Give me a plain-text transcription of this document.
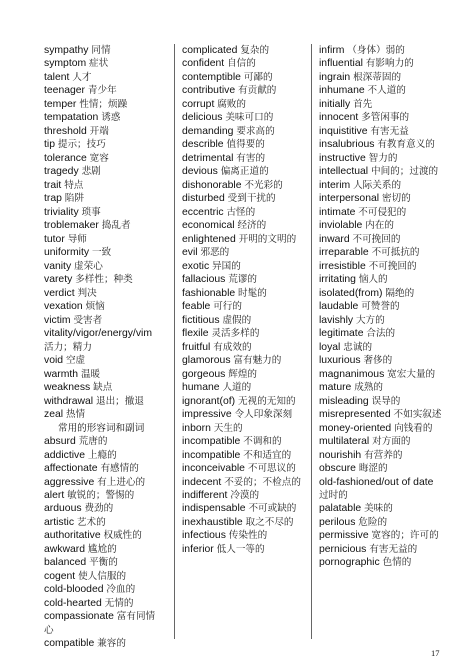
sympathy 同情
symptom 症状
talent 人才
teenager 青少年
temper 性情；烦躁
tempatation 诱惑
threshold 开端
tip 提示；技巧
tolerance 宽容
tragedy 悲剧
trait 特点
trap 陷阱
triviality 琐事
troblemaker 捣乱者
tutor 导师
uniformity 一致
vanity 虚荣心
varety 多样性；种类
verdict 判决
vexation 烦恼
victim 受害者
vitality/vigor/energy/vim 活力；精力
void 空虚
warmth 温暖
weakness 缺点
withdrawal 退出；撤退
zeal 热情
常用的形容词和副词
absurd 荒唐的
addictive 上瘾的
affectionate 有感情的
aggressive 有上进心的
alert 敏锐的；警惕的
arduous 费劲的
artistic 艺术的
authoritative 权威性的
awkward 尴尬的
balanced 平衡的
cogent 使人信服的
cold-blooded 冷血的
cold-hearted 无情的
compassionate 富有同情心
compatible 兼容的
complicated 复杂的
confident 自信的
contemptible 可鄙的
contributive 有贡献的
corrupt 腐败的
delicious 美味可口的
demanding 要求高的
describle 值得要的
detrimental 有害的
devious 偏离正道的
dishonorable 不光彩的
disturbed 受到干扰的
eccentric 古怪的
economical 经济的
enlightened 开明的文明的
evil 邪恶的
exotic 异国的
fallacious 荒谬的
fashionable 时髦的
feable 可行的
fictitious 虚假的
flexile 灵活多样的
fruitful 有成效的
glamorous 富有魅力的
gorgeous 辉煌的
humane 人道的
ignorant(of) 无视的无知的
impressive 令人印象深刻
inborn 天生的
incompatible 不调和的
incompatible 不和适宜的
inconceivable 不可思议的
indecent 不妥的；不检点的
indifferent 冷漠的
indispensable 不可或缺的
inexhaustible 取之不尽的
infectious 传染性的
inferior 低人一等的
infirm （身体）弱的
influential 有影响力的
ingrain 根深蒂固的
inhumane 不人道的
initially 首先
innocent 多管闲事的
inquistitive 有害无益
insalubrious 有教育意义的
instructive 智力的
intellectual 中间的；过渡的
interim 人际关系的
interpersonal 密切的
intimate 不可侵犯的
inviolable 内在的
inward 不可挽回的
irreparable 不可抵抗的
irresistible 不可挽回的
irritating 恼人的
isolated(from) 隔绝的
laudable 可赞誉的
lavishly 大方的
legitimate 合法的
loyal 忠诚的
luxurious 奢侈的
magnanimous 宽宏大量的
mature 成熟的
misleading 误导的
misrepresented 不如实叙述
money-oriented 向钱看的
multilateral 对方面的
nourishih 有营养的
obscure 晦涩的
old-fashioned/out of date 过时的
palatable 美味的
perilous 危险的
permissive 宽容的；许可的
pernicious 有害无益的
pornographic 色情的
17
